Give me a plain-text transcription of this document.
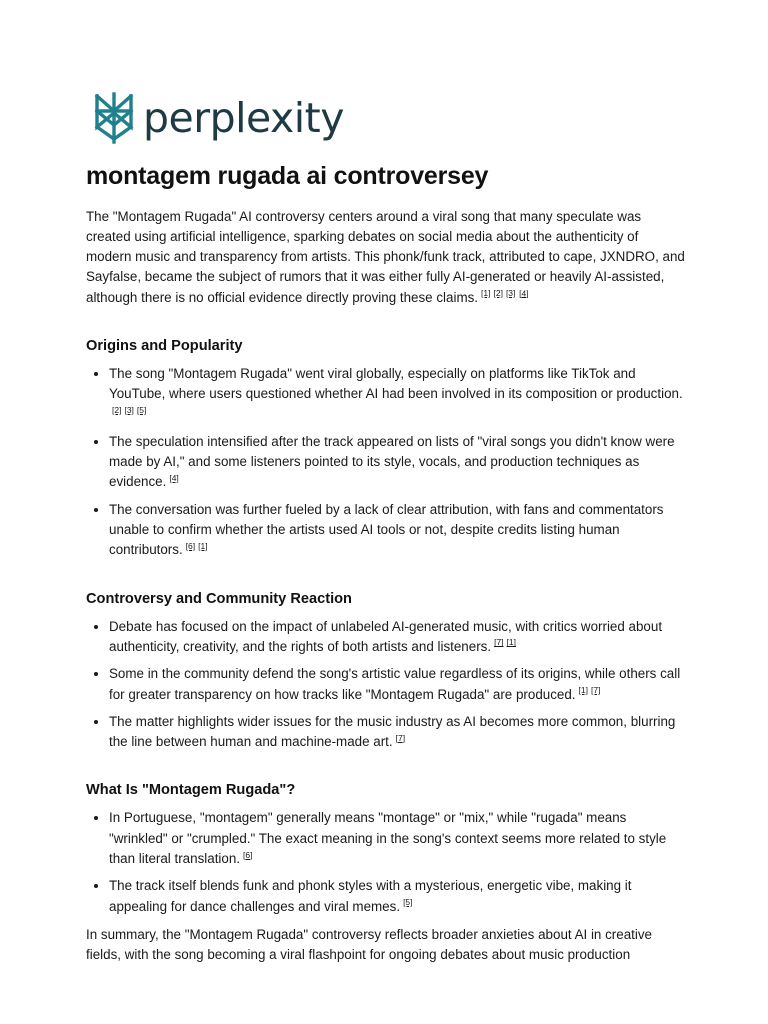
perplexity
montagem rugada ai controversey

The "Montagem Rugada" AI controversy centers around a viral song that many speculate was created using artificial intelligence, sparking debates on social media about the authenticity of modern music and transparency from artists. This phonk/funk track, attributed to cape, JXNDRO, and Sayfalse, became the subject of rumors that it was either fully AI-generated or heavily AI-assisted, although there is no official evidence directly proving these claims. [1] [2] [3] [4]

Origins and Popularity
• The song "Montagem Rugada" went viral globally, especially on platforms like TikTok and YouTube, where users questioned whether AI had been involved in its composition or production.[2] [3] [5]
• The speculation intensified after the track appeared on lists of "viral songs you didn't know were made by AI," and some listeners pointed to its style, vocals, and production techniques as evidence. [4]
• The conversation was further fueled by a lack of clear attribution, with fans and commentators unable to confirm whether the artists used AI tools or not, despite credits listing human contributors. [6] [1]
Controversy and Community Reaction
• Debate has focused on the impact of unlabeled AI-generated music, with critics worried about authenticity, creativity, and the rights of both artists and listeners. [7] [1]
• Some in the community defend the song's artistic value regardless of its origins, while others call for greater transparency on how tracks like "Montagem Rugada" are produced. [1] [7]
• The matter highlights wider issues for the music industry as AI becomes more common, blurring the line between human and machine-made art. [7]
What Is "Montagem Rugada"?
• In Portuguese, "montagem" generally means "montage" or "mix," while "rugada" means "wrinkled" or "crumpled." The exact meaning in the song's context seems more related to style than literal translation. [6]
• The track itself blends funk and phonk styles with a mysterious, energetic vibe, making it appealing for dance challenges and viral memes. [5]

In summary, the "Montagem Rugada" controversy reflects broader anxieties about AI in creative fields, with the song becoming a viral flashpoint for ongoing debates about music production
